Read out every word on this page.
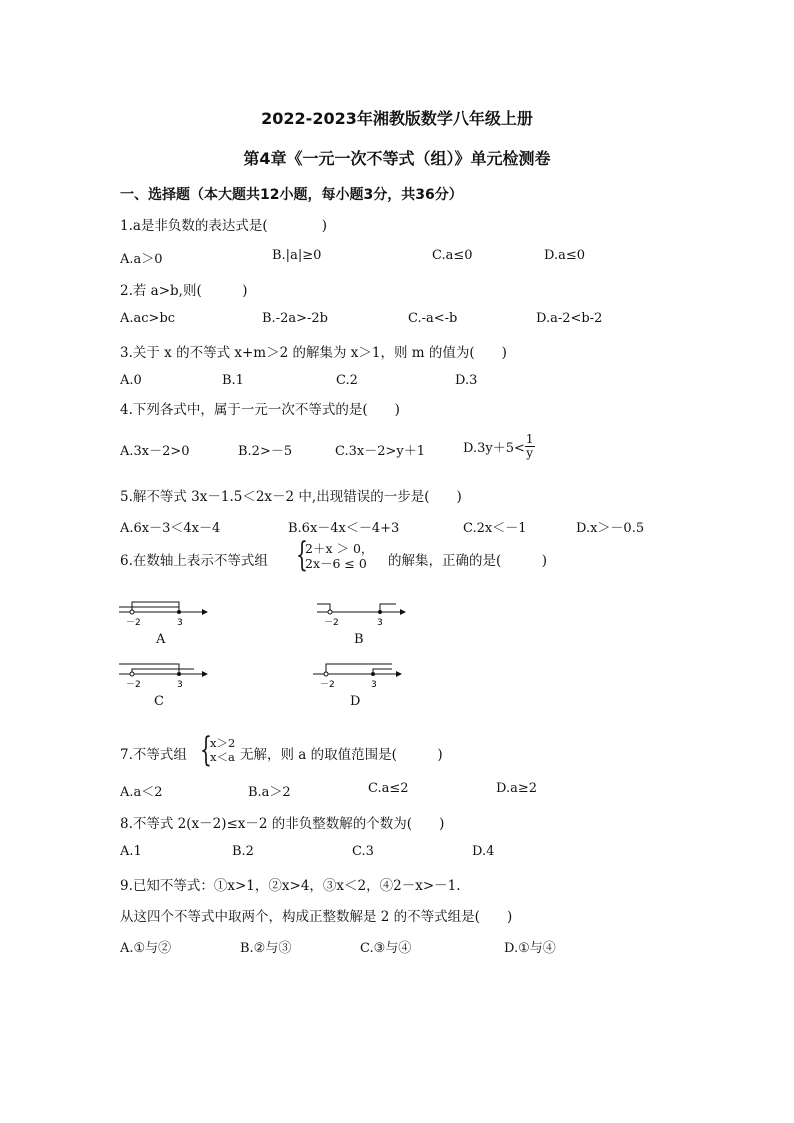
2022-2023年湘教版数学八年级上册
第4章《一元一次不等式（组）》单元检测卷
一、选择题（本大题共12小题，每小题3分，共36分）
1.a是非负数的表达式是(　　　　)
A.a＞0	B.|a|≥0	C.a≤0	D.a≤0
2.若 a>b,则(　　　)
A.ac>bc	B.-2a>-2b	C.-a<-b	D.a-2<b-2
3.关于 x 的不等式 x+m＞2 的解集为 x＞1，则 m 的值为(　　)
A.0	B.1	C.2	D.3
4.下列各式中，属于一元一次不等式的是(　　)
A.3x－2>0	B.2>－5	C.3x－2>y＋1	$D.3y+5< \frac{1}{y}$
5.解不等式 3x－1.5＜2x－2 中,出现错误的一步是(　　)
A.6x－3＜4x－4	B.6x－4x＜－4+3	C.2x＜－1	D.x＞－0.5
6.在数轴上表示不等式组 {
2＋x ＞ 0，
2x－6 ≤ 0	的解集，正确的是(　　　)
－2	3
A
－2	3
B
－2	3
C
－2	3
D
7.不等式组 {
x＞2
x＜a 无解，则 a 的取值范围是(　　　)
A.a＜2	B.a＞2	C.a≤2	D.a≥2
8.不等式 2(x－2)≤x－2 的非负整数解的个数为(　　)
A.1	B.2	C.3	D.4
9.已知不等式：①x>1，②x>4，③x＜2，④2－x>－1.
从这四个不等式中取两个，构成正整数解是 2 的不等式组是(　　)
A.①与②	B.②与③	C.③与④	D.①与④
